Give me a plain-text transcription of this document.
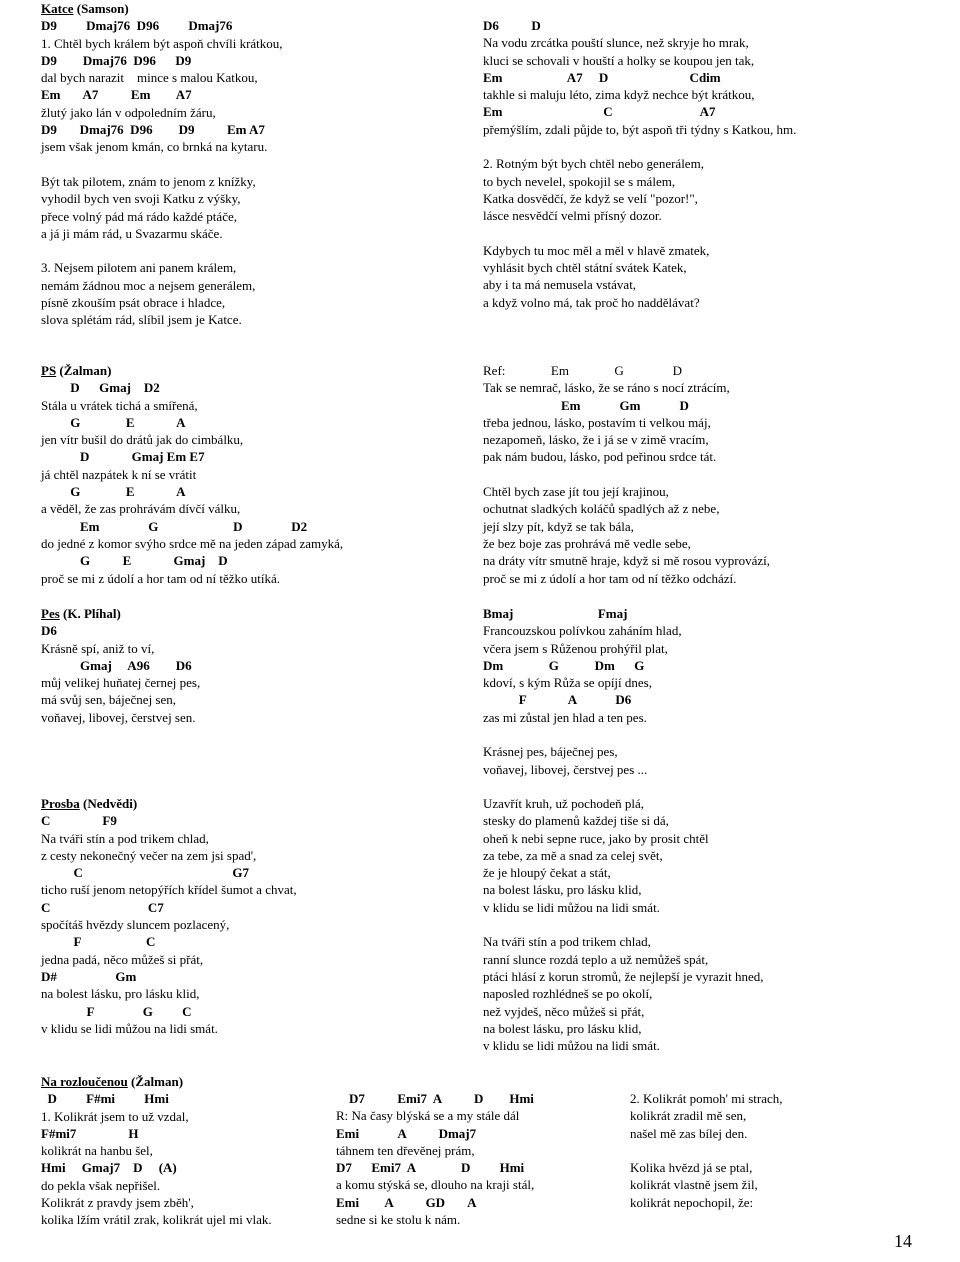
Katce (Samson)
D9         Dmaj76  D96         Dmaj76
1. Chtěl bych králem být aspoň chvíli krátkou,
D9        Dmaj76  D96      D9
dal bych narazit    mince s malou Katkou,
Em       A7          Em        A7
žlutý jako lán v odpoledním žáru,
D9       Dmaj76  D96        D9          Em A7
jsem však jenom kmán, co brnká na kytaru.
Být tak pilotem, znám to jenom z knížky,
vyhodil bych ven svoji Katku z výšky,
přece volný pád má rádo každé ptáče,
a já ji mám rád, u Svazarmu skáče.
3. Nejsem pilotem ani panem králem,
nemám žádnou moc a nejsem generálem,
písně zkouším psát obrace i hladce,
slova splétám rád, slíbil jsem je Katce.
D6          D
Na vodu zrcátka pouští slunce, než skryje ho mrak,
kluci se schovali v houští a holky se koupou jen tak,
Em                    A7     D                         Cdim
takhle si maluju léto, zima když nechce být krátkou,
Em                               C                           A7
přemýšlím, zdali půjde to, být aspoň tři týdny s Katkou, hm.
2. Rotným být bych chtěl nebo generálem,
to bych nevelel, spokojil se s málem,
Katka dosvědčí, že když se velí "pozor!",
lásce nesvědčí velmi přísný dozor.
Kdybych tu moc měl a měl v hlavě zmatek,
vyhlásit bych chtěl státní svátek Katek,
aby i ta má nemusela vstávat,
a když volno má, tak proč ho naddělávat?
PS (Žalman)
D      Gmaj    D2
Stála u vrátek tichá a smířená,
G              E             A
jen vítr bušil do drátů jak do cimbálku,
D             Gmaj Em E7
já chtěl nazpátek k ní se vrátit
G              E             A
a věděl, že zas prohrávám dívčí válku,
Em               G                       D               D2
do jedné z komor svýho srdce mě na jeden západ zamyká,
G          E             Gmaj    D
proč se mi z údolí a hor tam od ní těžko utíká.
Ref:              Em              G               D
Tak se nemrač, lásko, že se ráno s nocí ztrácím,
Em            Gm            D
třeba jednou, lásko, postavím ti velkou máj,
nezapomeň, lásko, že i já se v zimě vracím,
pak nám budou, lásko, pod peřinou srdce tát.
Chtěl bych zase jít tou její krajinou,
ochutnat sladkých koláčů spadlých až z nebe,
její slzy pít, když se tak bála,
že bez boje zas prohrává mě vedle sebe,
na dráty vítr smutně hraje, když si mě rosou vyprovází,
proč se mi z údolí a hor tam od ní těžko odchází.
Pes (K. Plíhal)
D6
Krásně spí, aniž to ví,
Gmaj     A96        D6
můj velikej huňatej černej pes,
má svůj sen, báječnej sen,
voňavej, libovej, čerstvej sen.
Bmaj                          Fmaj
Francouzskou polívkou zaháním hlad,
včera jsem s Růženou prohýřil plat,
Dm              G           Dm      G
kdoví, s kým Růža se opíjí dnes,
F             A            D6
zas mi zůstal jen hlad a ten pes.
Krásnej pes, báječnej pes,
voňavej, libovej, čerstvej pes ...
Prosba (Nedvědi)
C                F9
Na tváři stín a pod trikem chlad,
z cesty nekonečný večer na zem jsi spad',
C                                              G7
ticho ruší jenom netopýřích křídel šumot a chvat,
C                              C7
spočítáš hvězdy sluncem pozlacený,
F                    C
jedna padá, něco můžeš si přát,
D#                  Gm
na bolest lásku, pro lásku klid,
F               G         C
v klidu se lidi můžou na lidi smát.
Uzavřít kruh, už pochodeň plá,
stesky do plamenů každej tiše si dá,
oheň k nebi sepne ruce, jako by prosit chtěl
za tebe, za mě a snad za celej svět,
že je hloupý čekat a stát,
na bolest lásku, pro lásku klid,
v klidu se lidi můžou na lidi smát.
Na tváři stín a pod trikem chlad,
ranní slunce rozdá teplo a už nemůžeš spát,
ptáci hlásí z korun stromů, že nejlepší je vyrazit hned,
naposled rozhlédneš se po okolí,
než vyjdeš, něco můžeš si přát,
na bolest lásku, pro lásku klid,
v klidu se lidi můžou na lidi smát.
Na rozloučenou (Žalman)
D         F#mi         Hmi
1. Kolikrát jsem to už vzdal,
F#mi7                H
kolikrát na hanbu šel,
Hmi     Gmaj7    D     (A)
do pekla však nepřišel.
Kolikrát z pravdy jsem zběh',
kolika lžím vrátil zrak, kolikrát ujel mi vlak.
D7          Emi7  A          D        Hmi
R: Na časy blýská se a my stále dál
Emi            A          Dmaj7
táhnem ten dřevěnej prám,
D7      Emi7  A              D         Hmi
a komu stýská se, dlouho na kraji stál,
Emi        A          GD       A
sedne si ke stolu k nám.
2. Kolikrát pomoh' mi strach,
kolikrát zradil mě sen,
našel mě zas bílej den.
Kolika hvězd já se ptal,
kolikrát vlastně jsem žil,
kolikrát nepochopil, že:
14
